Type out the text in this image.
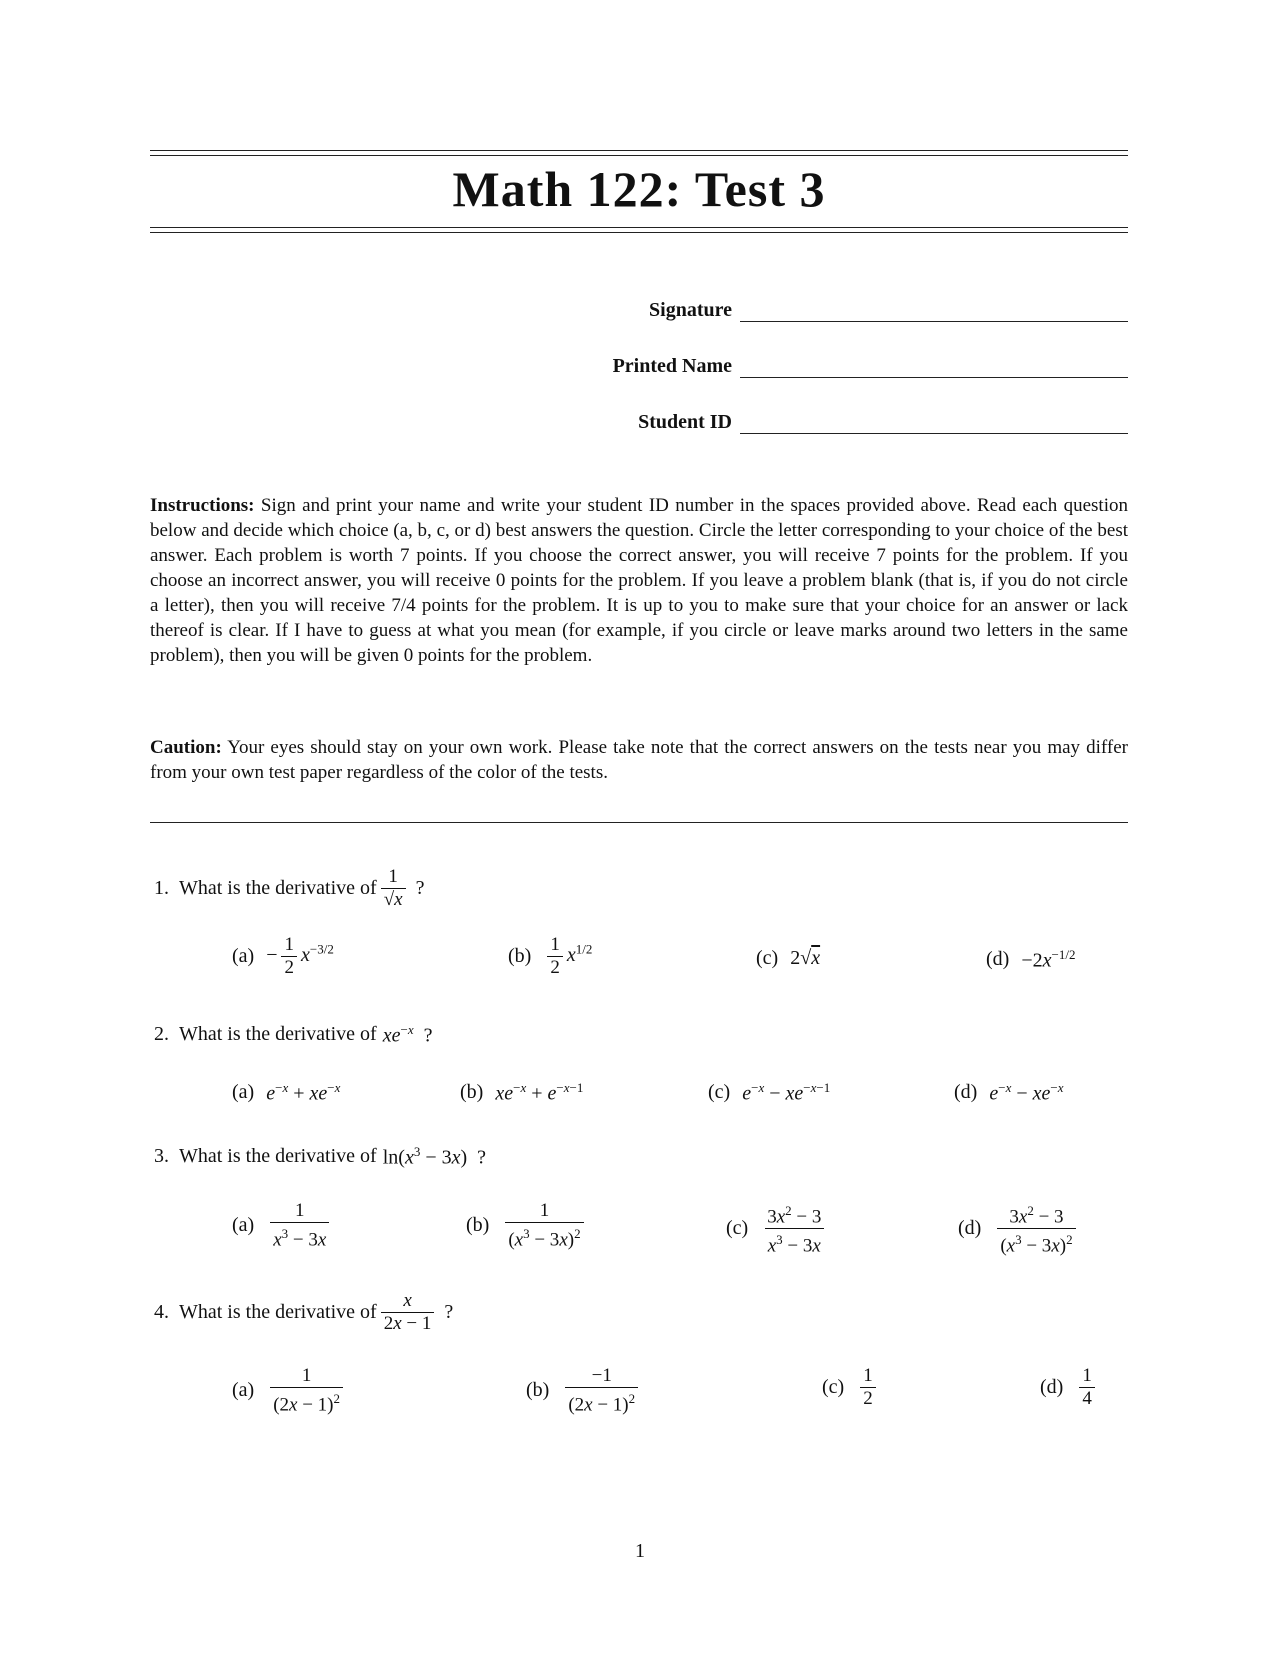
Math 122: Test 3
Signature
Printed Name
Student ID
Instructions: Sign and print your name and write your student ID number in the spaces provided above. Read each question below and decide which choice (a, b, c, or d) best answers the question. Circle the letter corresponding to your choice of the best answer. Each problem is worth 7 points. If you choose the correct answer, you will receive 7 points for the problem. If you choose an incorrect answer, you will receive 0 points for the problem. If you leave a problem blank (that is, if you do not circle a letter), then you will receive 7/4 points for the problem. It is up to you to make sure that your choice for an answer or lack thereof is clear. If I have to guess at what you mean (for example, if you circle or leave marks around two letters in the same problem), then you will be given 0 points for the problem.
Caution: Your eyes should stay on your own work. Please take note that the correct answers on the tests near you may differ from your own test paper regardless of the color of the tests.
1. What is the derivative of $\frac{1}{√x}$ ?
$(a) - \frac{1}{2} x^{-3/2}$	$(b) \frac{1}{2} x^{1/2}$	(c) 2√x	$(d) -2x^{-1/2}$
2. What is the derivative of $xe^{-x}$  ?
(a) $e^{-x} + xe^{-x}$	(b) $xe^{-x} + e^{-x-1}$	(c) $e^{-x} - xe^{-x-1}$	(d) $e^{-x} - xe^{-x}$
3. What is the derivative of $\ln(x^3 - 3x)$  ?
$(a) \frac{1}{x^3 - 3x}$	$(b) \frac{1}{(x^3 - 3x)^2}$	$(c) \frac{3x^2 - 3}{x^3 - 3x}$	$(d) \frac{3x^2 - 3}{(x^3 - 3x)^2}$
4. What is the derivative of $\frac{x}{2x - 1}$ ?
$(a) \frac{1}{(2x - 1)^2}$	$(b) \frac{-1}{(2x - 1)^2}$	$(c) \frac{1}{2}$	$(d) \frac{1}{4}$
1
